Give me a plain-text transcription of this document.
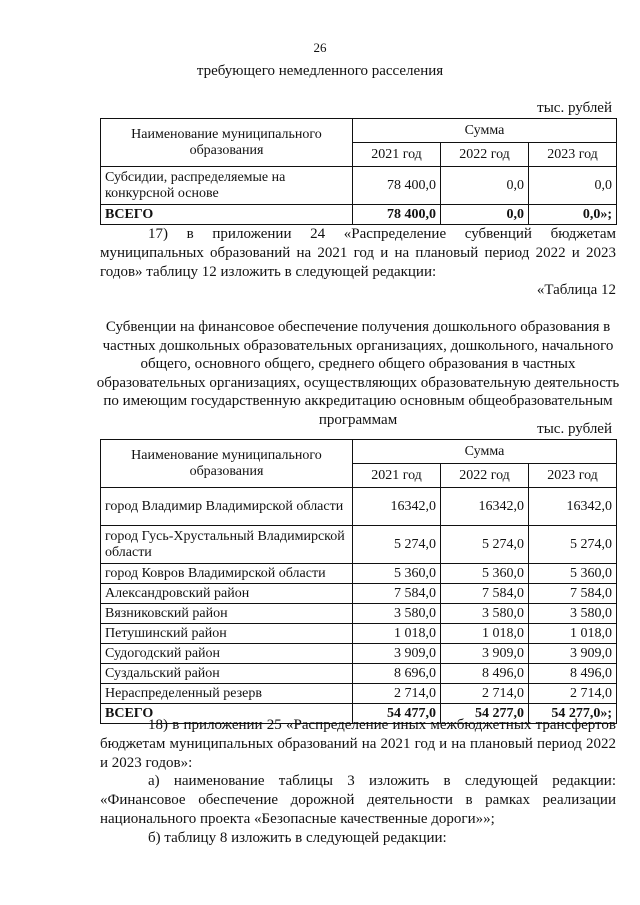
26
требующего немедленного расселения
тыс. рублей
Наименование муниципального образования	Сумма		
	2021 год	2022 год	2023 год
Субсидии, распределяемые на конкурсной основе	78 400,0	0,0	0,0
ВСЕГО	78 400,0	0,0	0,0»;
17) в приложении 24 «Распределение субвенций бюджетам муниципальных образований на 2021 год и на плановый период 2022 и 2023 годов» таблицу 12 изложить в следующей редакции:
«Таблица 12
Субвенции на финансовое обеспечение получения дошкольного образования в частных дошкольных образовательных организациях, дошкольного, начального общего, основного общего, среднего общего образования в частных образовательных организациях, осуществляющих образовательную деятельность по имеющим государственную аккредитацию основным общеобразовательным программам
тыс. рублей
Наименование муниципального образования	Сумма		
	2021 год	2022 год	2023 год
город Владимир Владимирской области	16342,0	16342,0	16342,0
город Гусь-Хрустальный Владимирской области	5 274,0	5 274,0	5 274,0
город Ковров Владимирской области	5 360,0	5 360,0	5 360,0
Александровский район	7 584,0	7 584,0	7 584,0
Вязниковский район	3 580,0	3 580,0	3 580,0
Петушинский район	1 018,0	1 018,0	1 018,0
Судогодский район	3 909,0	3 909,0	3 909,0
Суздальский район	8 696,0	8 496,0	8 496,0
Нераспределенный резерв	2 714,0	2 714,0	2 714,0
ВСЕГО	54 477,0	54 277,0	54 277,0»;
18) в приложении 25 «Распределение иных межбюджетных трансфертов бюджетам муниципальных образований на 2021 год и на плановый период 2022 и 2023 годов»:
а) наименование таблицы 3 изложить в следующей редакции: «Финансовое обеспечение дорожной деятельности в рамках реализации национального проекта «Безопасные качественные дороги»»;
б) таблицу 8 изложить в следующей редакции:
